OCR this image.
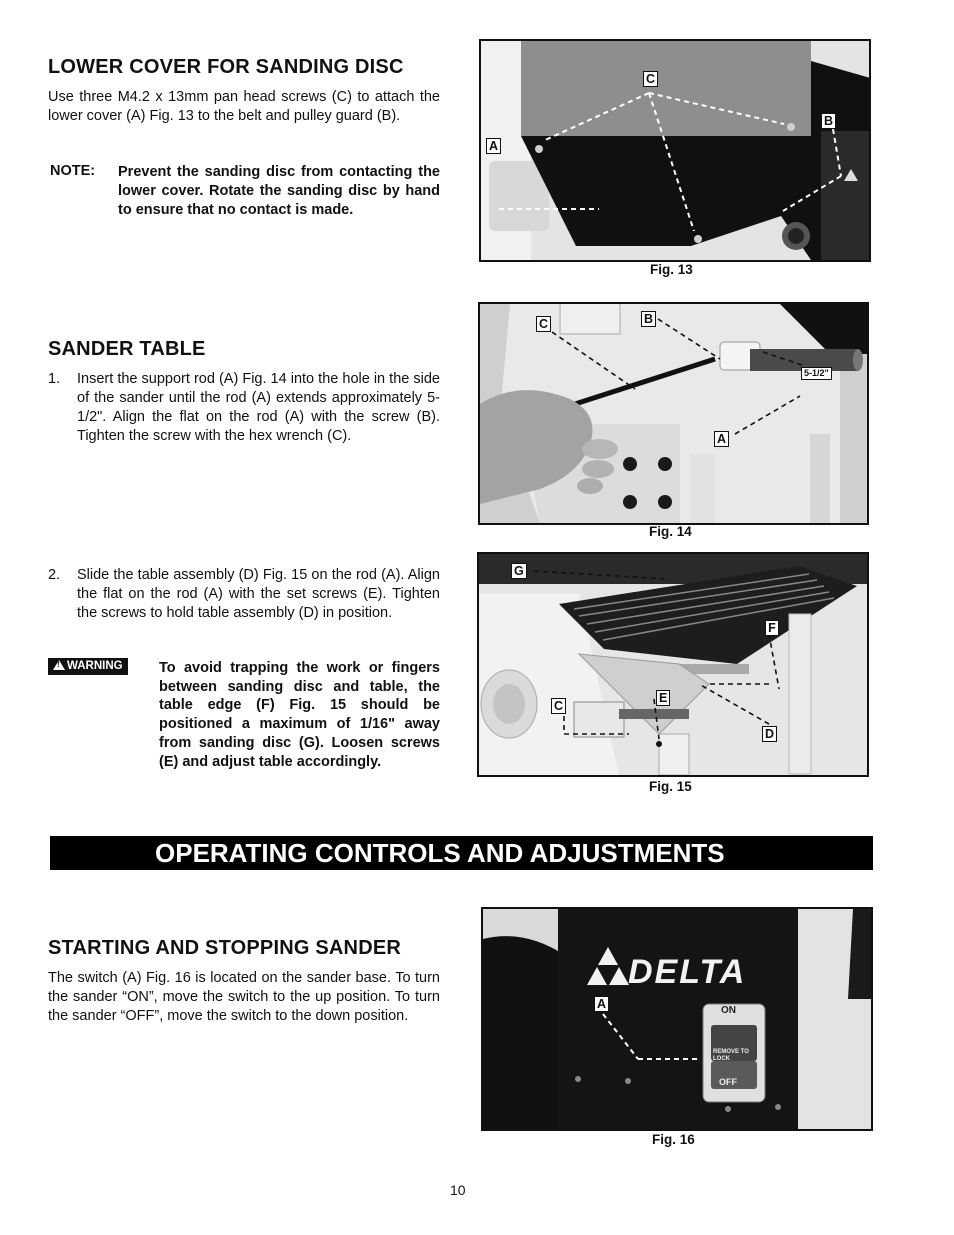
LOWER COVER FOR SANDING DISC
Use three M4.2 x 13mm pan head screws (C) to attach the lower cover (A) Fig. 13 to the belt and pulley guard (B).
NOTE: Prevent the sanding disc from contacting the lower cover. Rotate the sanding disc by hand to ensure that no contact is made.
C
B
A
Fig. 13
SANDER TABLE
1. Insert the support rod (A) Fig. 14 into the hole in the side of the sander until the rod (A) extends approximately 5-1/2". Align the flat on the rod (A) with the screw (B). Tighten the screw with the hex wrench (C).
C	B
5-1/2"
A
Fig. 14
2. Slide the table assembly (D) Fig. 15 on the rod (A). Align the flat on the rod (A) with the set screws (E). Tighten the screws to hold table assembly (D) in position.
!WARNING	To avoid trapping the work or fingers between sanding disc and table, the table edge (F) Fig. 15 should be positioned a maximum of 1/16" away from sanding disc (G). Loosen screws (E) and adjust table accordingly.
G
F
E
C
D
Fig. 15
OPERATING CONTROLS AND ADJUSTMENTS
STARTING AND STOPPING SANDER
The switch (A) Fig. 16 is located on the sander base. To turn the sander “ON”, move the switch to the up position. To turn the sander “OFF”, move the switch to the down position.
DELTA
ON
REMOVE TO LOCK
OFF
A
Fig. 16
10
